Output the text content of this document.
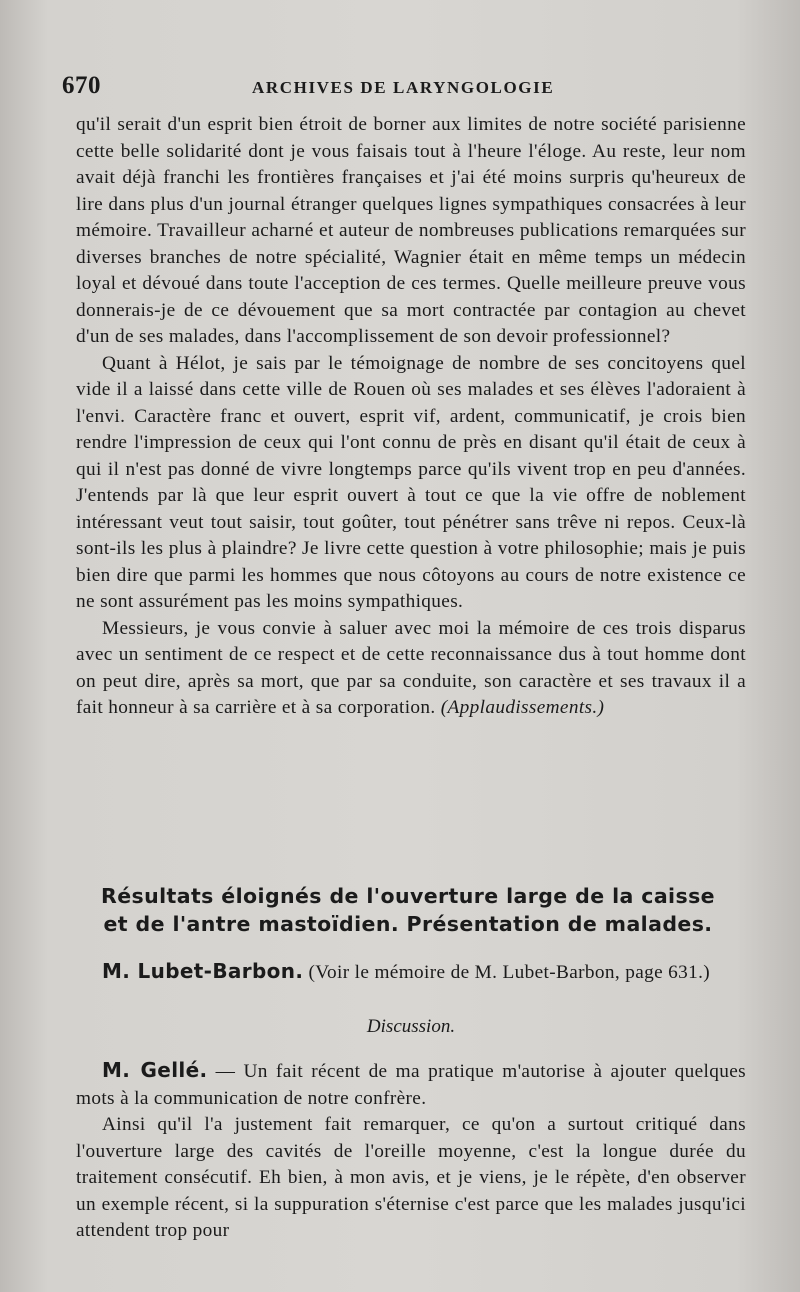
670	ARCHIVES DE LARYNGOLOGIE

qu'il serait d'un esprit bien étroit de borner aux limites de notre société parisienne cette belle solidarité dont je vous faisais tout à l'heure l'éloge. Au reste, leur nom avait déjà franchi les frontières françaises et j'ai été moins surpris qu'heureux de lire dans plus d'un journal étranger quelques lignes sympathiques consacrées à leur mémoire. Travailleur acharné et auteur de nombreuses publications remarquées sur diverses branches de notre spécialité, Wagnier était en même temps un médecin loyal et dévoué dans toute l'acception de ces termes. Quelle meilleure preuve vous donnerais-je de ce dévouement que sa mort contractée par contagion au chevet d'un de ses malades, dans l'accomplissement de son devoir professionnel?

Quant à Hélot, je sais par le témoignage de nombre de ses concitoyens quel vide il a laissé dans cette ville de Rouen où ses malades et ses élèves l'adoraient à l'envi. Caractère franc et ouvert, esprit vif, ardent, communicatif, je crois bien rendre l'impression de ceux qui l'ont connu de près en disant qu'il était de ceux à qui il n'est pas donné de vivre longtemps parce qu'ils vivent trop en peu d'années. J'entends par là que leur esprit ouvert à tout ce que la vie offre de noblement intéressant veut tout saisir, tout goûter, tout pénétrer sans trêve ni repos. Ceux-là sont-ils les plus à plaindre? Je livre cette question à votre philosophie; mais je puis bien dire que parmi les hommes que nous côtoyons au cours de notre existence ce ne sont assurément pas les moins sympathiques.

Messieurs, je vous convie à saluer avec moi la mémoire de ces trois disparus avec un sentiment de ce respect et de cette reconnaissance dus à tout homme dont on peut dire, après sa mort, que par sa conduite, son caractère et ses travaux il a fait honneur à sa carrière et à sa corporation. (Applaudissements.)

Résultats éloignés de l'ouverture large de la caisse

et de l'antre mastoïdien. Présentation de malades.

M. Lubet-Barbon. (Voir le mémoire de M. Lubet-Barbon, page 631.)
Discussion.

M. Gellé. — Un fait récent de ma pratique m'autorise à ajouter quelques mots à la communication de notre confrère.

Ainsi qu'il l'a justement fait remarquer, ce qu'on a surtout critiqué dans l'ouverture large des cavités de l'oreille moyenne, c'est la longue durée du traitement consécutif. Eh bien, à mon avis, et je viens, je le répète, d'en observer un exemple récent, si la suppuration s'éternise c'est parce que les malades jusqu'ici attendent trop pour
